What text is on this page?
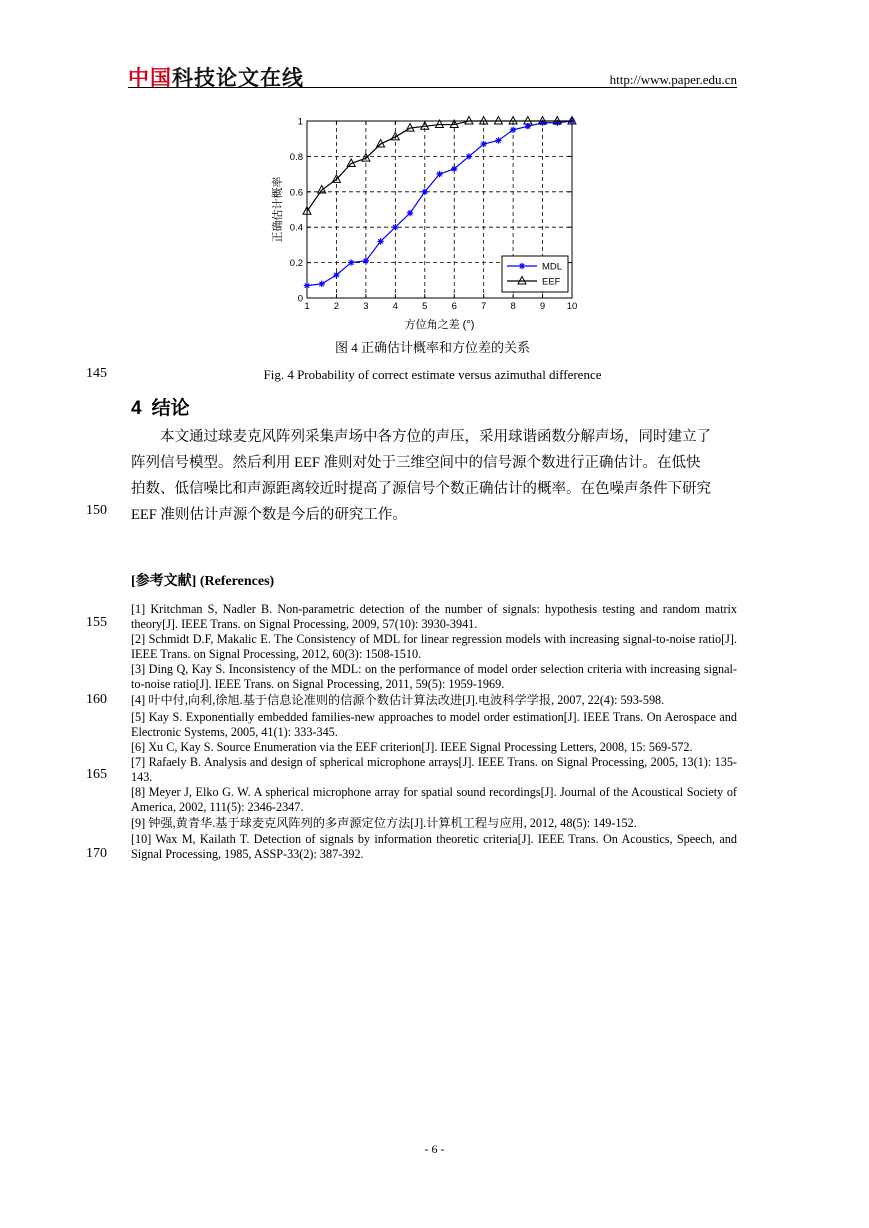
中国科技论文在线	http://www.paper.edu.cn
1	2	3	4	5	6	7	8	9 10
0
0.2
0.4
0.6
0.8
1
方位角之差 (°)
正确估计概率
MDL
EEF
图 4 正确估计概率和方位差的关系
145	Fig. 4 Probability of correct estimate versus azimuthal difference
4 结论
本文通过球麦克风阵列采集声场中各方位的声压，采用球谐函数分解声场，同时建立了
阵列信号模型。然后利用 EEF 准则对处于三维空间中的信号源个数进行正确估计。在低快
拍数、低信噪比和声源距离较近时提高了源信号个数正确估计的概率。在色噪声条件下研究
150 EEF 准则估计声源个数是今后的研究工作。
[参考文献] (References)
[1] Kritchman S, Nadler B. Non-parametric detection of the number of signals: hypothesis testing and random matrix theory[J]. IEEE Trans. on Signal Processing, 2009, 57(10): 3930-3941.
155
[2] Schmidt D.F, Makalic E. The Consistency of MDL for linear regression models with increasing signal-to-noise ratio[J]. IEEE Trans. on Signal Processing, 2012, 60(3): 1508-1510.
[3] Ding Q, Kay S. Inconsistency of the MDL: on the performance of model order selection criteria with increasing signal-to-noise ratio[J]. IEEE Trans. on Signal Processing, 2011, 59(5): 1959-1969.
160 [4] 叶中付,向利,徐旭.基于信息论准则的信源个数估计算法改进[J].电波科学学报, 2007, 22(4): 593-598.
[5] Kay S. Exponentially embedded families-new approaches to model order estimation[J]. IEEE Trans. On Aerospace and Electronic Systems, 2005, 41(1): 333-345.
[6] Xu C, Kay S. Source Enumeration via the EEF criterion[J]. IEEE Signal Processing Letters, 2008, 15: 569-572.
[7] Rafaely B. Analysis and design of spherical microphone arrays[J]. IEEE Trans. on Signal Processing, 2005, 13(1): 135-143.
165
[8] Meyer J, Elko G. W. A spherical microphone array for spatial sound recordings[J]. Journal of the Acoustical Society of America, 2002, 111(5): 2346-2347.
[9] 钟强,黄青华.基于球麦克风阵列的多声源定位方法[J].计算机工程与应用, 2012, 48(5): 149-152.
[10] Wax M, Kailath T. Detection of signals by information theoretic criteria[J]. IEEE Trans. On Acoustics, Speech, and Signal Processing, 1985, ASSP-33(2): 387-392.
170
- 6 -
